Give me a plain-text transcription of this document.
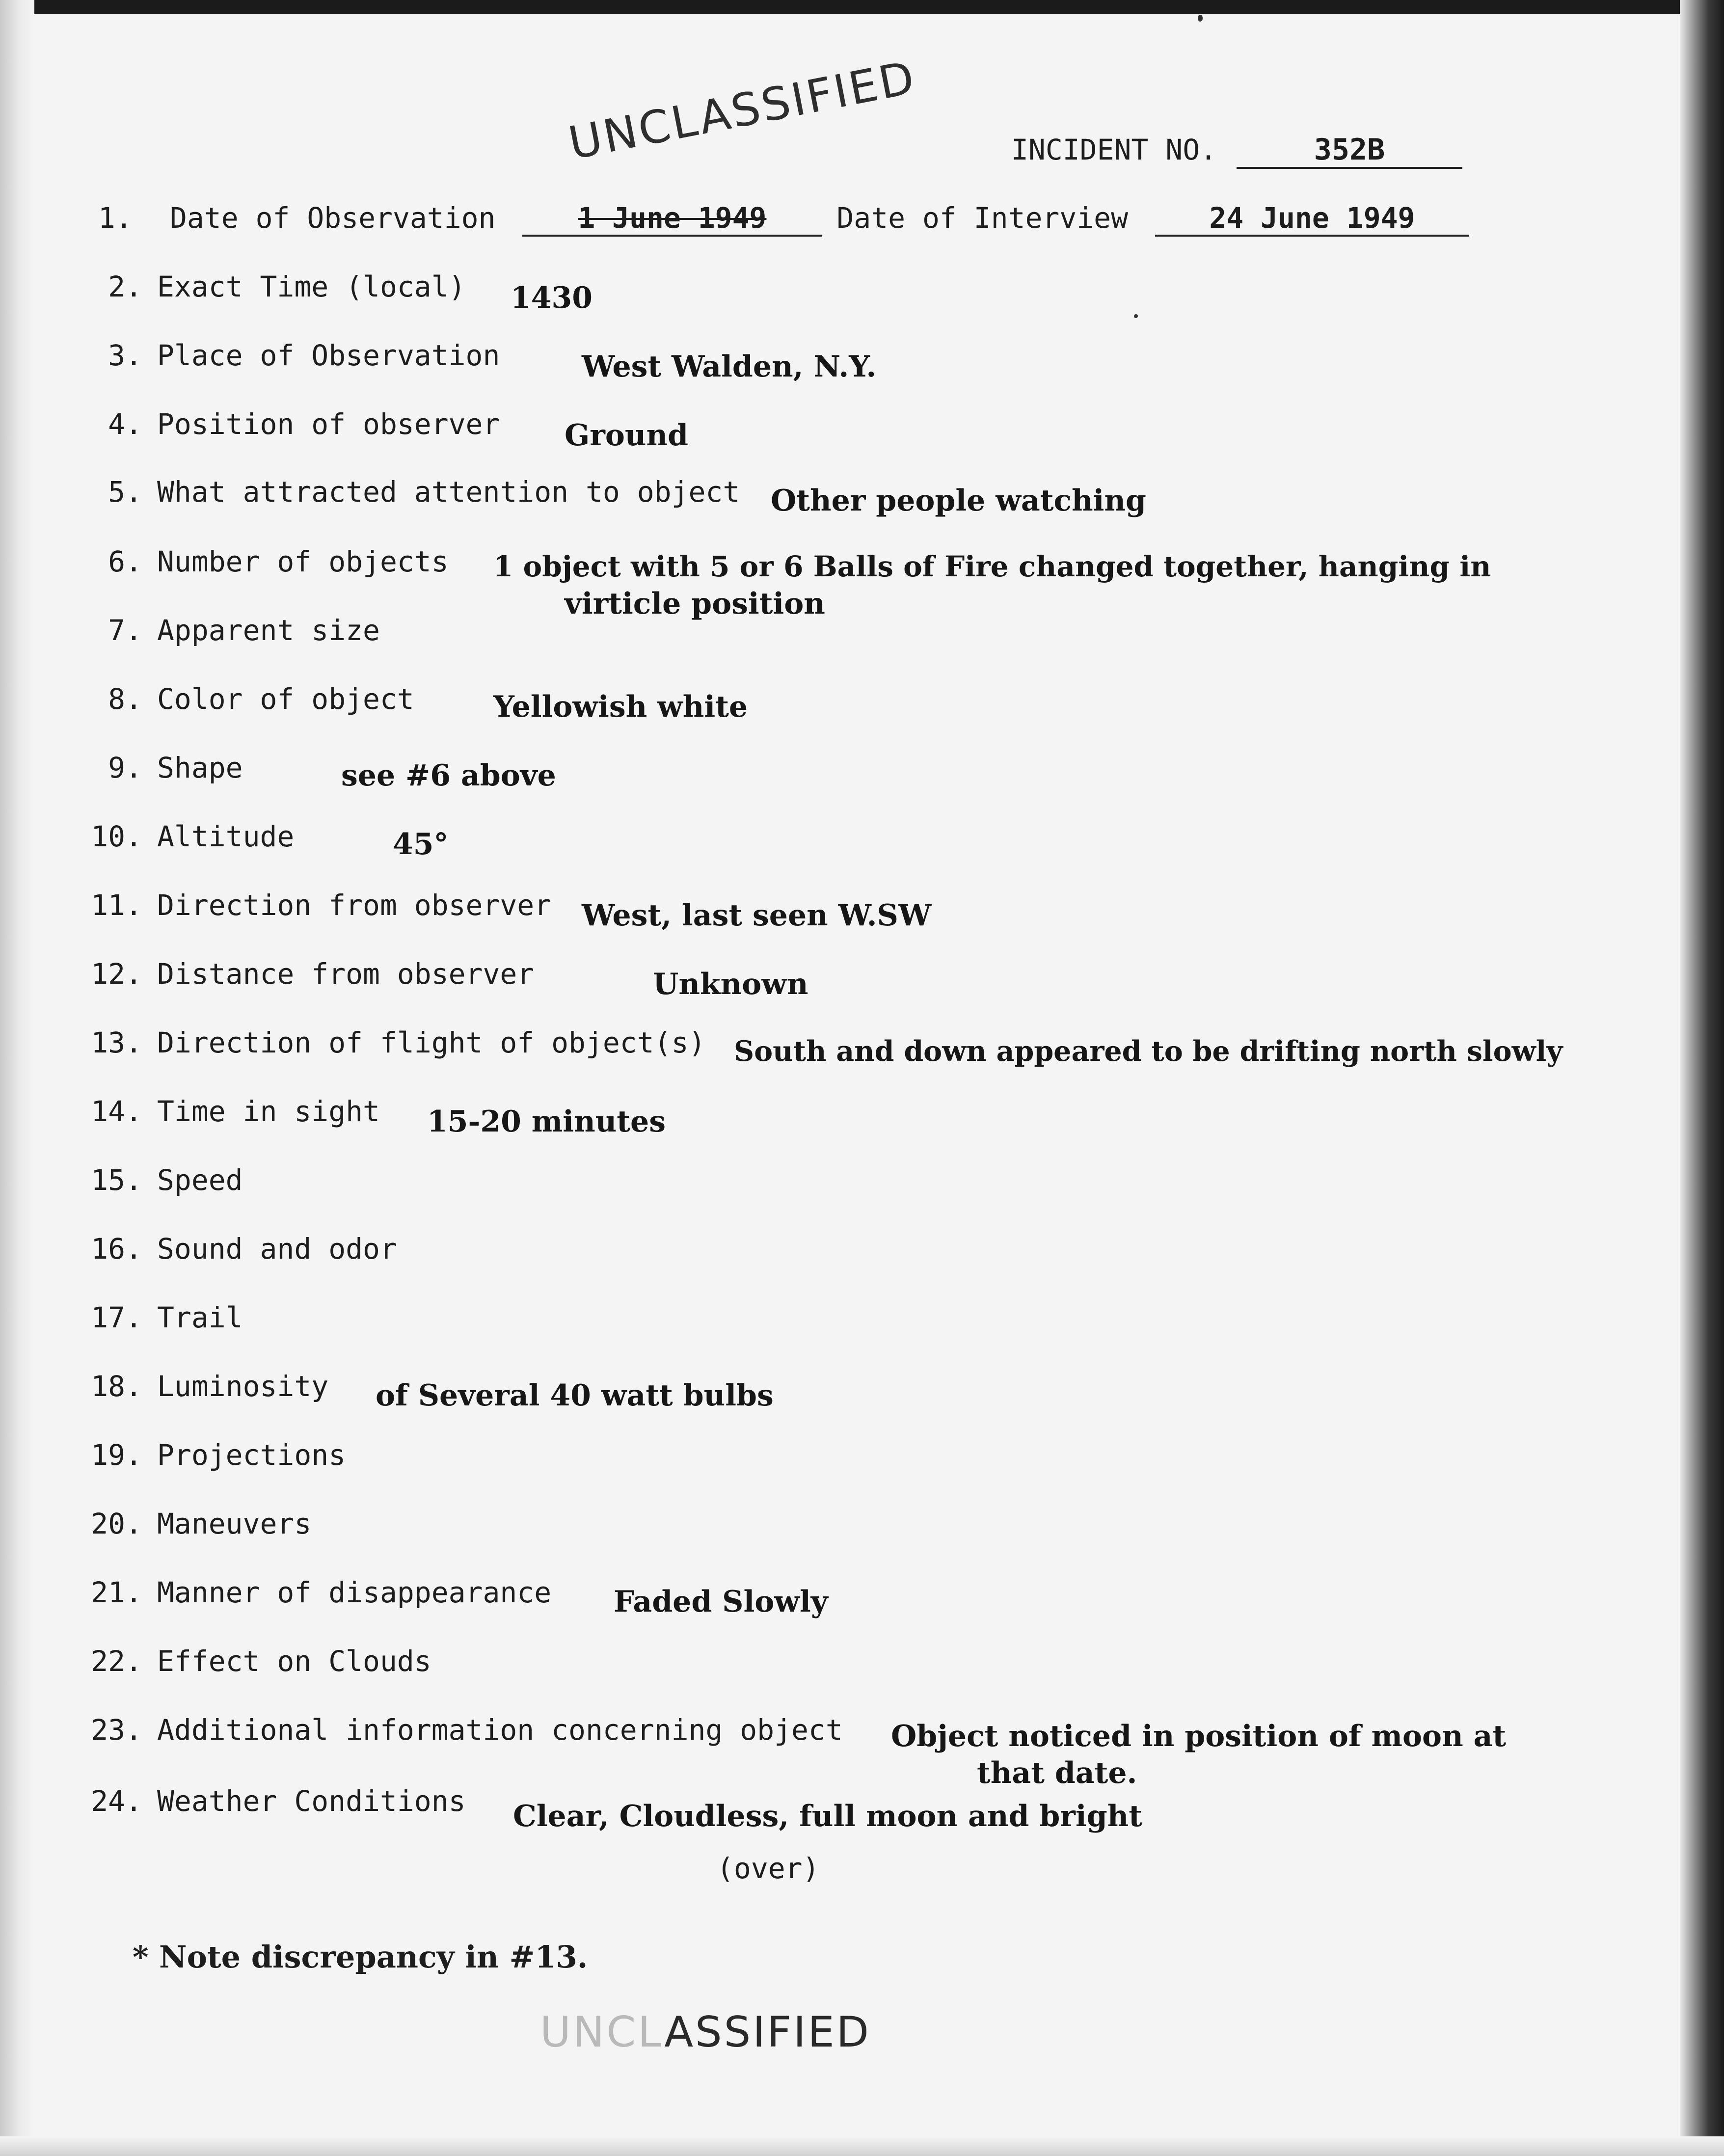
UNCLASSIFIED	INCIDENT NO.	352B
1. Date of Observation	1 June 1949 Date of Interview	24 June 1949
2. Exact Time (local) 1430
3. Place of Observation	West Walden, N.Y.
4. Position of observer Ground
5. What attracted attention to object Other people watching
6. Number of objects 1 object with 5 or 6 Balls of Fire changed together, hanging in
virticle position
7. Apparent size
8. Color of object	Yellowish white
9. Shape	see #6 above
10. Altitude	45°
11. Direction from observer West, last seen W.SW
12. Distance from observer	Unknown
13. Direction of flight of object(s) South and down appeared to be drifting north slowly
14. Time in sight 15-20 minutes
15. Speed
16. Sound and odor
17. Trail
18. Luminosity of Several 40 watt bulbs
19. Projections
20. Maneuvers
21. Manner of disappearance Faded Slowly
22. Effect on Clouds
23. Additional information concerning object Object noticed in position of moon at
that date.
24. Weather Conditions Clear, Cloudless, full moon and bright
(over)
* Note discrepancy in #13.
UNCLASSIFIED
